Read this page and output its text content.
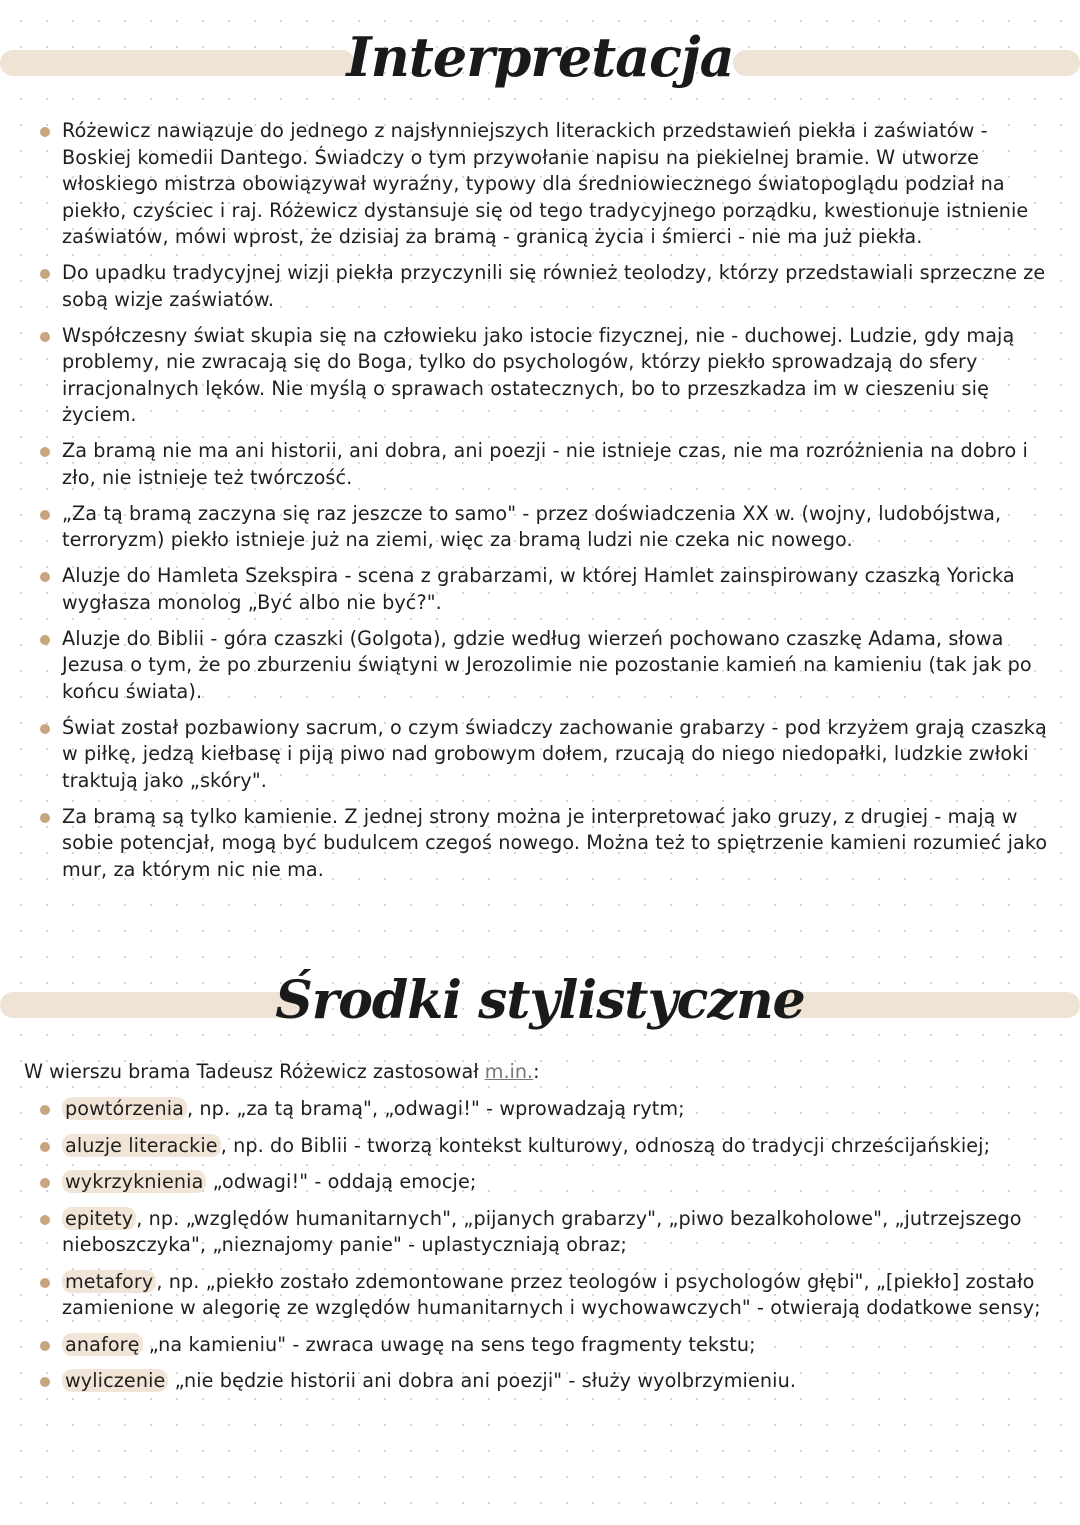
Interpretacja
Różewicz nawiązuje do jednego z najsłynniejszych literackich przedstawień piekła i zaświatów - Boskiej komedii Dantego. Świadczy o tym przywołanie napisu na piekielnej bramie. W utworze włoskiego mistrza obowiązywał wyraźny, typowy dla średniowiecznego światopoglądu podział na piekło, czyściec i raj. Różewicz dystansuje się od tego tradycyjnego porządku, kwestionuje istnienie zaświatów, mówi wprost, że dzisiaj za bramą - granicą życia i śmierci - nie ma już piekła.
Do upadku tradycyjnej wizji piekła przyczynili się również teolodzy, którzy przedstawiali sprzeczne ze sobą wizje zaświatów.
Współczesny świat skupia się na człowieku jako istocie fizycznej, nie - duchowej. Ludzie, gdy mają problemy, nie zwracają się do Boga, tylko do psychologów, którzy piekło sprowadzają do sfery irracjonalnych lęków. Nie myślą o sprawach ostatecznych, bo to przeszkadza im w cieszeniu się życiem.
Za bramą nie ma ani historii, ani dobra, ani poezji - nie istnieje czas, nie ma rozróżnienia na dobro i zło, nie istnieje też twórczość.
„Za tą bramą zaczyna się raz jeszcze to samo" - przez doświadczenia XX w. (wojny, ludobójstwa, terroryzm) piekło istnieje już na ziemi, więc za bramą ludzi nie czeka nic nowego.
Aluzje do Hamleta Szekspira - scena z grabarzami, w której Hamlet zainspirowany czaszką Yoricka wygłasza monolog „Być albo nie być?".
Aluzje do Biblii - góra czaszki (Golgota), gdzie według wierzeń pochowano czaszkę Adama, słowa Jezusa o tym, że po zburzeniu świątyni w Jerozolimie nie pozostanie kamień na kamieniu (tak jak po końcu świata).
Świat został pozbawiony sacrum, o czym świadczy zachowanie grabarzy - pod krzyżem grają czaszką w piłkę, jedzą kiełbasę i piją piwo nad grobowym dołem, rzucają do niego niedopałki, ludzkie zwłoki traktują jako „skóry".
Za bramą są tylko kamienie. Z jednej strony można je interpretować jako gruzy, z drugiej - mają w sobie potencjał, mogą być budulcem czegoś nowego. Można też to spiętrzenie kamieni rozumieć jako mur, za którym nic nie ma.
Środki stylistyczne

W wierszu brama Tadeusz Różewicz zastosował m.in.:

powtórzenia , np. „za tą bramą", „odwagi!" - wprowadzają rytm;
aluzje literackie , np. do Biblii - tworzą kontekst kulturowy, odnoszą do tradycji chrześcijańskiej;
wykrzyknienia „odwagi!" - oddają emocje;
epitety , np. „względów humanitarnych", „pijanych grabarzy", „piwo bezalkoholowe", „jutrzejszego nieboszczyka", „nieznajomy panie" - uplastyczniają obraz;
metafory , np. „piekło zostało zdemontowane przez teologów i psychologów głębi", „[piekło] zostało zamienione w alegorię ze względów humanitarnych i wychowawczych" - otwierają dodatkowe sensy;
anaforę „na kamieniu" - zwraca uwagę na sens tego fragmenty tekstu;
wyliczenie „nie będzie historii ani dobra ani poezji" - służy wyolbrzymieniu.
